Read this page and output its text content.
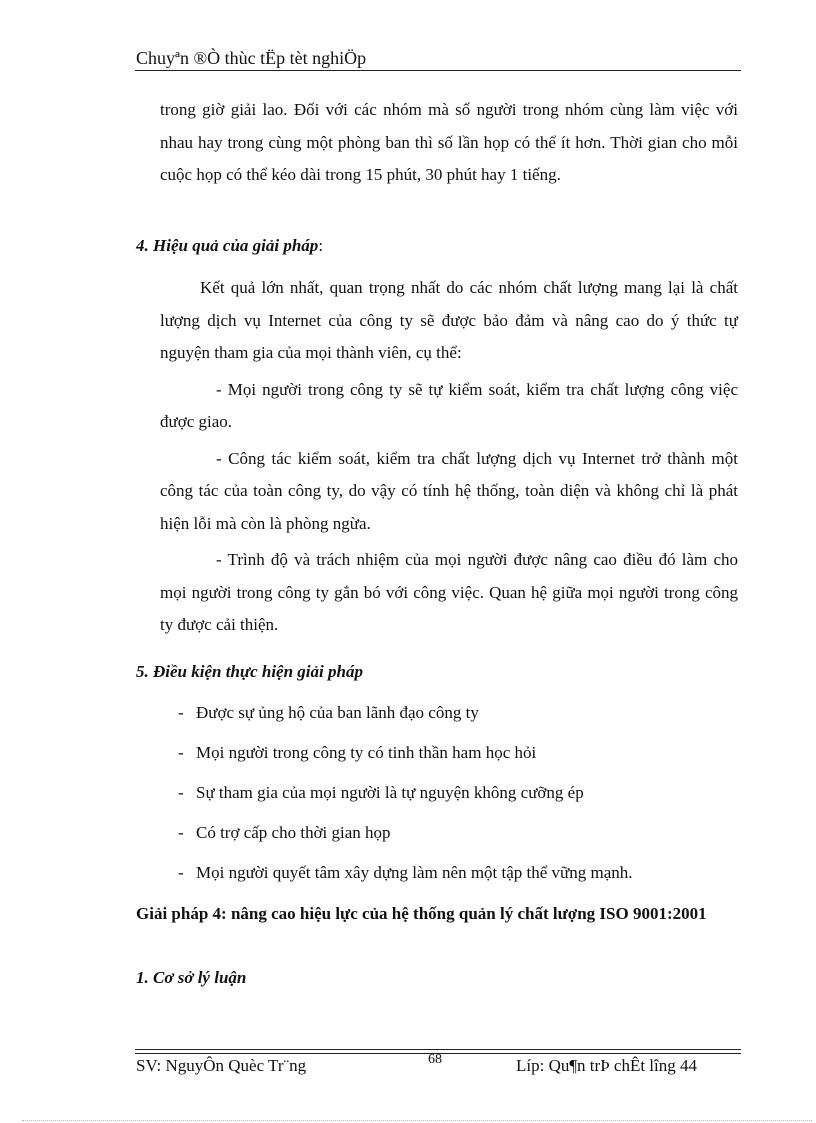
Chuyªn ®Ò thùc tËp tèt nghiÖp

trong giờ giải lao. Đối với các nhóm mà số người trong nhóm cùng làm việc với nhau hay trong cùng một phòng ban thì số lần họp có thể ít hơn. Thời gian cho mỗi cuộc họp có thể kéo dài trong 15 phút, 30 phút hay 1 tiếng.

4. Hiệu quả của giải pháp:

Kết quả lớn nhất, quan trọng nhất do các nhóm chất lượng mang lại là chất lượng dịch vụ Internet của công ty sẽ được bảo đảm và nâng cao do ý thức tự nguyện tham gia của mọi thành viên, cụ thể:

- Mọi người trong công ty sẽ tự kiểm soát, kiểm tra chất lượng công việc được giao.

- Công tác kiểm soát, kiểm tra chất lượng dịch vụ Internet trở thành một công tác của toàn công ty, do vậy có tính hệ thống, toàn diện và không chỉ là phát hiện lỗi mà còn là phòng ngừa.

- Trình độ và trách nhiệm của mọi người được nâng cao điều đó làm cho mọi người trong công ty gắn bó với công việc. Quan hệ giữa mọi người trong công ty được cải thiện.

5. Điều kiện thực hiện giải pháp
- Được sự ủng hộ của ban lãnh đạo công ty
- Mọi người trong công ty có tinh thần ham học hỏi
- Sự tham gia của mọi người là tự nguyện không cưỡng ép
- Có trợ cấp cho thời gian họp
- Mọi người quyết tâm xây dựng làm nên một tập thể vững mạnh.
Giải pháp 4: nâng cao hiệu lực của hệ thống quản lý chất lượng ISO 9001:2001
1. Cơ sở lý luận
SV: NguyÔn Quèc Tr¨ng	68	Líp: Qu¶n trÞ chÊt lîng 44
